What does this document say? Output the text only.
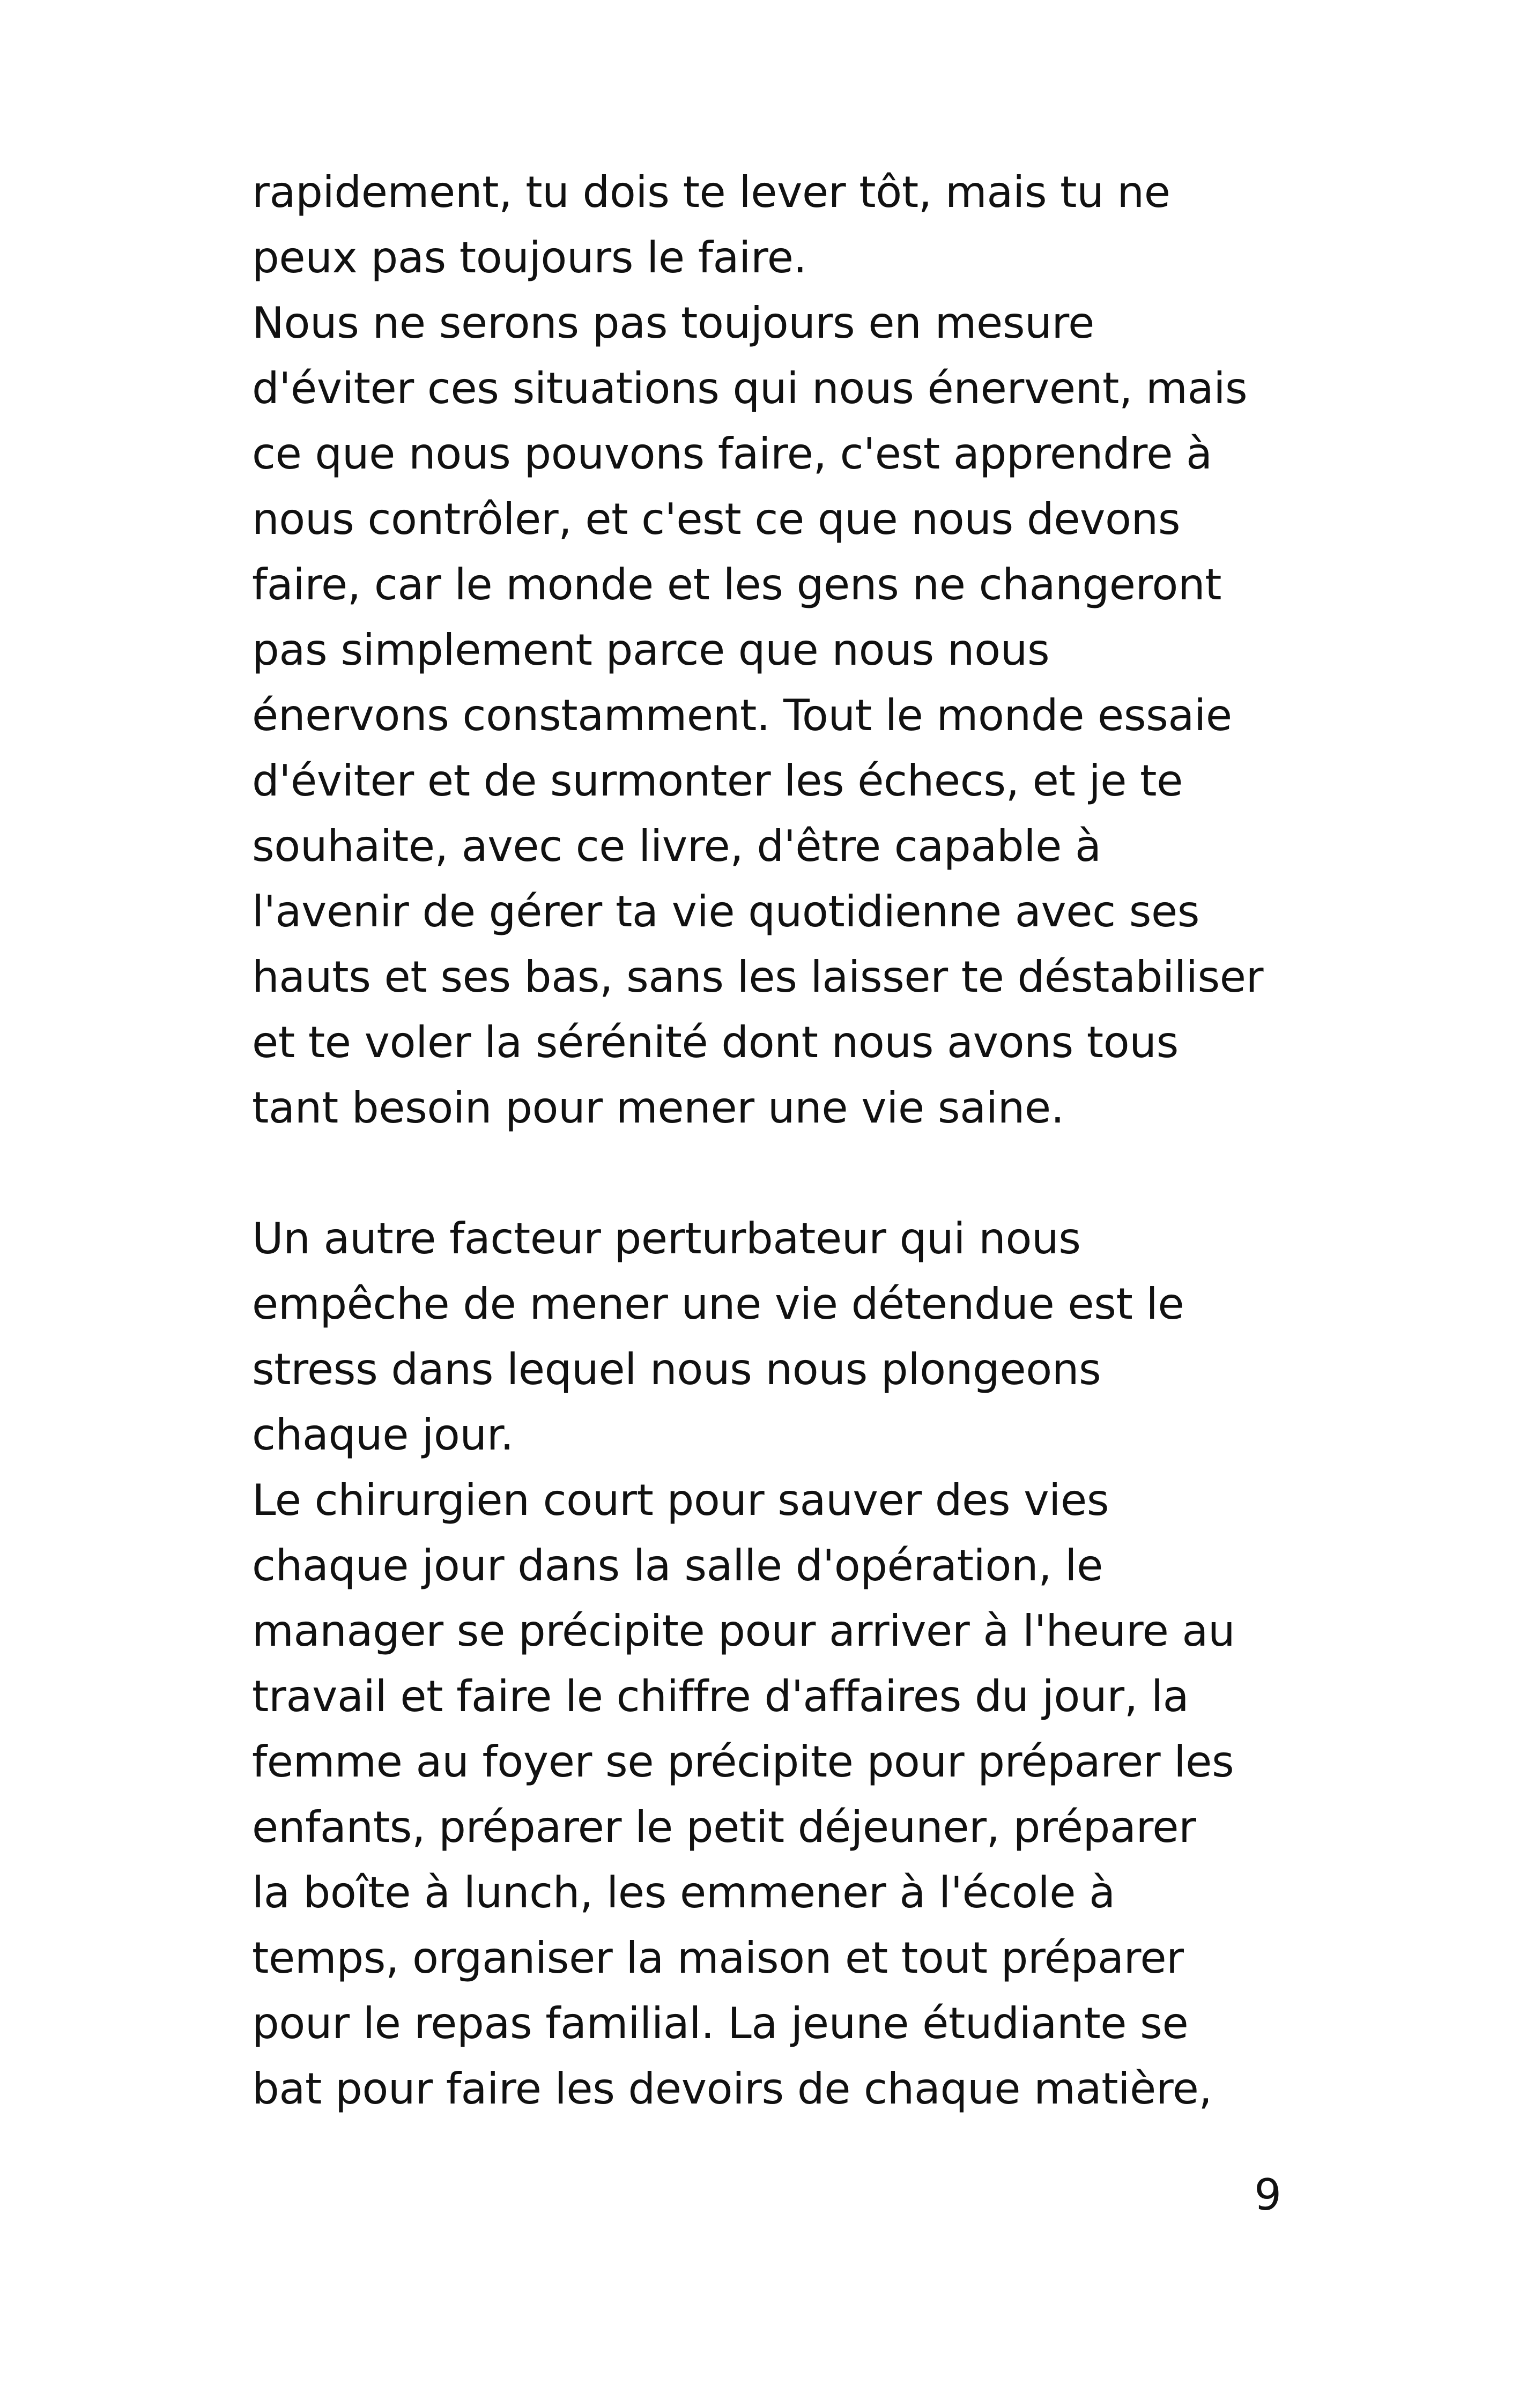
rapidement, tu dois te lever tôt, mais tu ne
peux pas toujours le faire.
Nous ne serons pas toujours en mesure
d'éviter ces situations qui nous énervent, mais
ce que nous pouvons faire, c'est apprendre à
nous contrôler, et c'est ce que nous devons
faire, car le monde et les gens ne changeront
pas simplement parce que nous nous
énervons constamment. Tout le monde essaie
d'éviter et de surmonter les échecs, et je te
souhaite, avec ce livre, d'être capable à
l'avenir de gérer ta vie quotidienne avec ses
hauts et ses bas, sans les laisser te déstabiliser
et te voler la sérénité dont nous avons tous
tant besoin pour mener une vie saine.
Un autre facteur perturbateur qui nous
empêche de mener une vie détendue est le
stress dans lequel nous nous plongeons
chaque jour.
Le chirurgien court pour sauver des vies
chaque jour dans la salle d'opération, le
manager se précipite pour arriver à l'heure au
travail et faire le chiffre d'affaires du jour, la
femme au foyer se précipite pour préparer les
enfants, préparer le petit déjeuner, préparer
la boîte à lunch, les emmener à l'école à
temps, organiser la maison et tout préparer
pour le repas familial. La jeune étudiante se
bat pour faire les devoirs de chaque matière,
9
